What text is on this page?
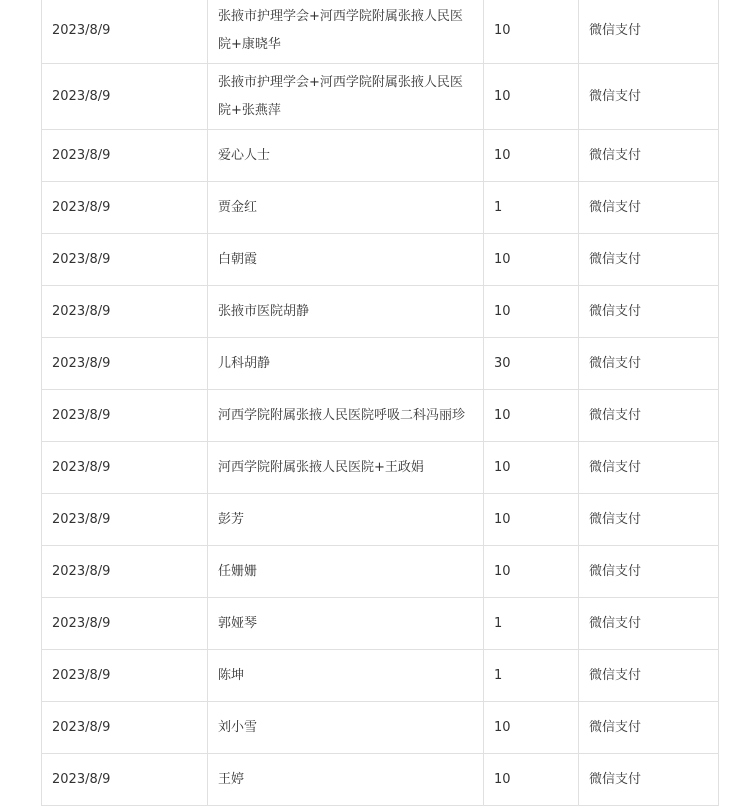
2023/8/9	张掖市护理学会+河西学院附属张掖人民医院+康晓华	10	微信支付
2023/8/9	张掖市护理学会+河西学院附属张掖人民医院+张燕萍	10	微信支付
2023/8/9	爱心人士	10	微信支付
2023/8/9	贾金红	1	微信支付
2023/8/9	白朝霞	10	微信支付
2023/8/9	张掖市医院胡静	10	微信支付
2023/8/9	儿科胡静	30	微信支付
2023/8/9	河西学院附属张掖人民医院呼吸二科冯丽珍	10	微信支付
2023/8/9	河西学院附属张掖人民医院+王政娟	10	微信支付
2023/8/9	彭芳	10	微信支付
2023/8/9	任姗姗	10	微信支付
2023/8/9	郭娅琴	1	微信支付
2023/8/9	陈坤	1	微信支付
2023/8/9	刘小雪	10	微信支付
2023/8/9	王婷	10	微信支付
